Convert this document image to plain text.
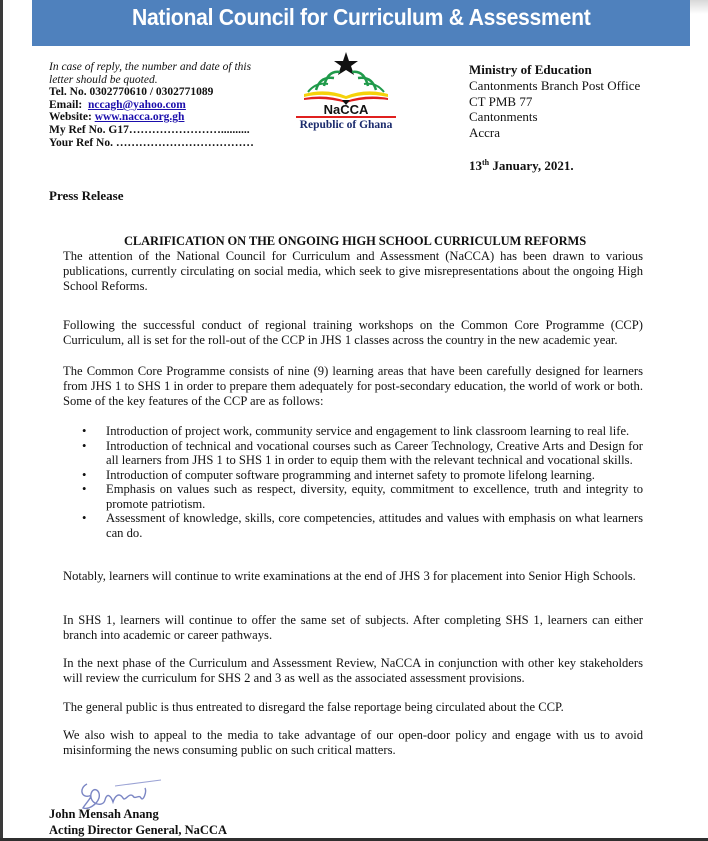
National Council for Curriculum & Assessment
In case of reply, the number and date of this
letter should be quoted.
Tel. No. 0302770610 / 0302771089
Email: nccagh@yahoo.com
Website: www.nacca.org.gh
My Ref No. G17……………………..........
Your Ref No. ………………………………
NaCCA
Republic of Ghana
Ministry of Education
Cantonments Branch Post Office
CT PMB 77
Cantonments
Accra
13th January, 2021.
Press Release
CLARIFICATION ON THE ONGOING HIGH SCHOOL CURRICULUM REFORMS

The attention of the National Council for Curriculum and Assessment (NaCCA) has been drawn to various publications, currently circulating on social media, which seek to give misrepresentations about the ongoing High School Reforms.

Following the successful conduct of regional training workshops on the Common Core Programme (CCP) Curriculum, all is set for the roll-out of the CCP in JHS 1 classes across the country in the new academic year.

The Common Core Programme consists of nine (9) learning areas that have been carefully designed for learners from JHS 1 to SHS 1 in order to prepare them adequately for post-secondary education, the world of work or both. Some of the key features of the CCP are as follows:

• Introduction of project work, community service and engagement to link classroom learning to real life.
• Introduction of technical and vocational courses such as Career Technology, Creative Arts and Design for all learners from JHS 1 to SHS 1 in order to equip them with the relevant technical and vocational skills.
• Introduction of computer software programming and internet safety to promote lifelong learning.
• Emphasis on values such as respect, diversity, equity, commitment to excellence, truth and integrity to promote patriotism.
• Assessment of knowledge, skills, core competencies, attitudes and values with emphasis on what learners can do.

Notably, learners will continue to write examinations at the end of JHS 3 for placement into Senior High Schools.

In SHS 1, learners will continue to offer the same set of subjects. After completing SHS 1, learners can either branch into academic or career pathways.

In the next phase of the Curriculum and Assessment Review, NaCCA in conjunction with other key stakeholders will review the curriculum for SHS 2 and 3 as well as the associated assessment provisions.

The general public is thus entreated to disregard the false reportage being circulated about the CCP.

We also wish to appeal to the media to take advantage of our open-door policy and engage with us to avoid misinforming the news consuming public on such critical matters.

John Mensah Anang
Acting Director General, NaCCA
